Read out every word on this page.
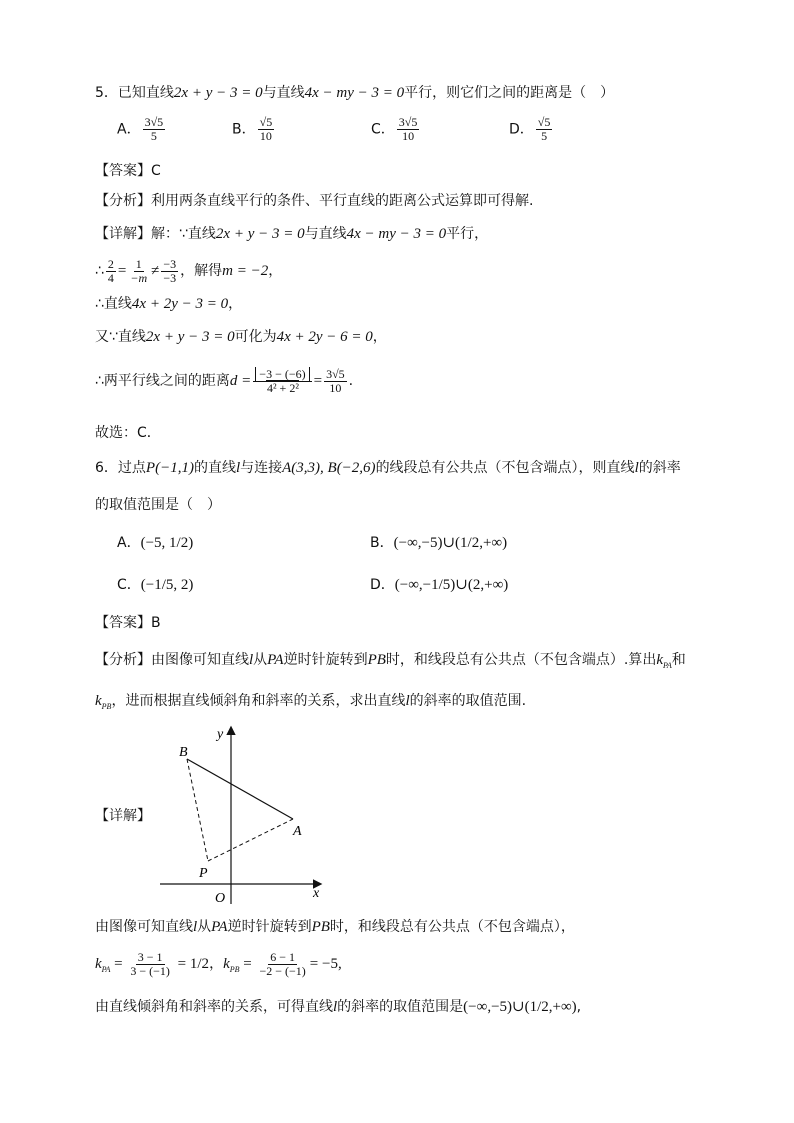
5．已知直线2x + y − 3 = 0与直线4x − my − 3 = 0平行，则它们之间的距离是（　）
A． $\frac{3√5}{5}$	B． $\frac{√5}{10}$	C． $\frac{3√5}{10}$	D． $\frac{√5}{5}$
【答案】C
【分析】利用两条直线平行的条件、平行直线的距离公式运算即可得解.
【详解】解：∵直线2x + y − 3 = 0与直线4x − my − 3 = 0平行，
∴ $\frac{2}{4} = \frac{1}{-m} \ne \frac{-3}{-3}$ ，解得m = −2，
∴直线4x + 2y − 3 = 0，
又∵直线2x + y − 3 = 0可化为4x + 2y − 6 = 0，
∴两平行线之间的距离$d = \frac{-3 - (-6)}{\text{4² + 2²}} = \frac{3√5}{10}$ .
故选：C．
6．过点P(−1,1)的直线l与连接A(3,3), B(−2,6)的线段总有公共点（不包含端点），则直线l的斜率
的取值范围是（　）
A．(−5, 1/2)	B．(−∞,−5)∪(1/2,+∞)
C．(−1/5, 2)	D．(−∞,−1/5)∪(2,+∞)
【答案】B
【分析】由图像可知直线l从PA逆时针旋转到PB时，和线段总有公共点（不包含端点）.算出$k_{PA}$和
$k_{PB}$，进而根据直线倾斜角和斜率的关系，求出直线l的斜率的取值范围.
【详解】
y
x
O
B
A
P
由图像可知直线l从PA逆时针旋转到PB时，和线段总有公共点（不包含端点），
$k_{PA} = \frac{3 - 1}{3 - (-1)} = 1/2$，$k_{PB} = \frac{6 - 1}{-2 - (-1)} = -5$,
由直线倾斜角和斜率的关系，可得直线l的斜率的取值范围是(−∞,−5)∪(1/2,+∞),
